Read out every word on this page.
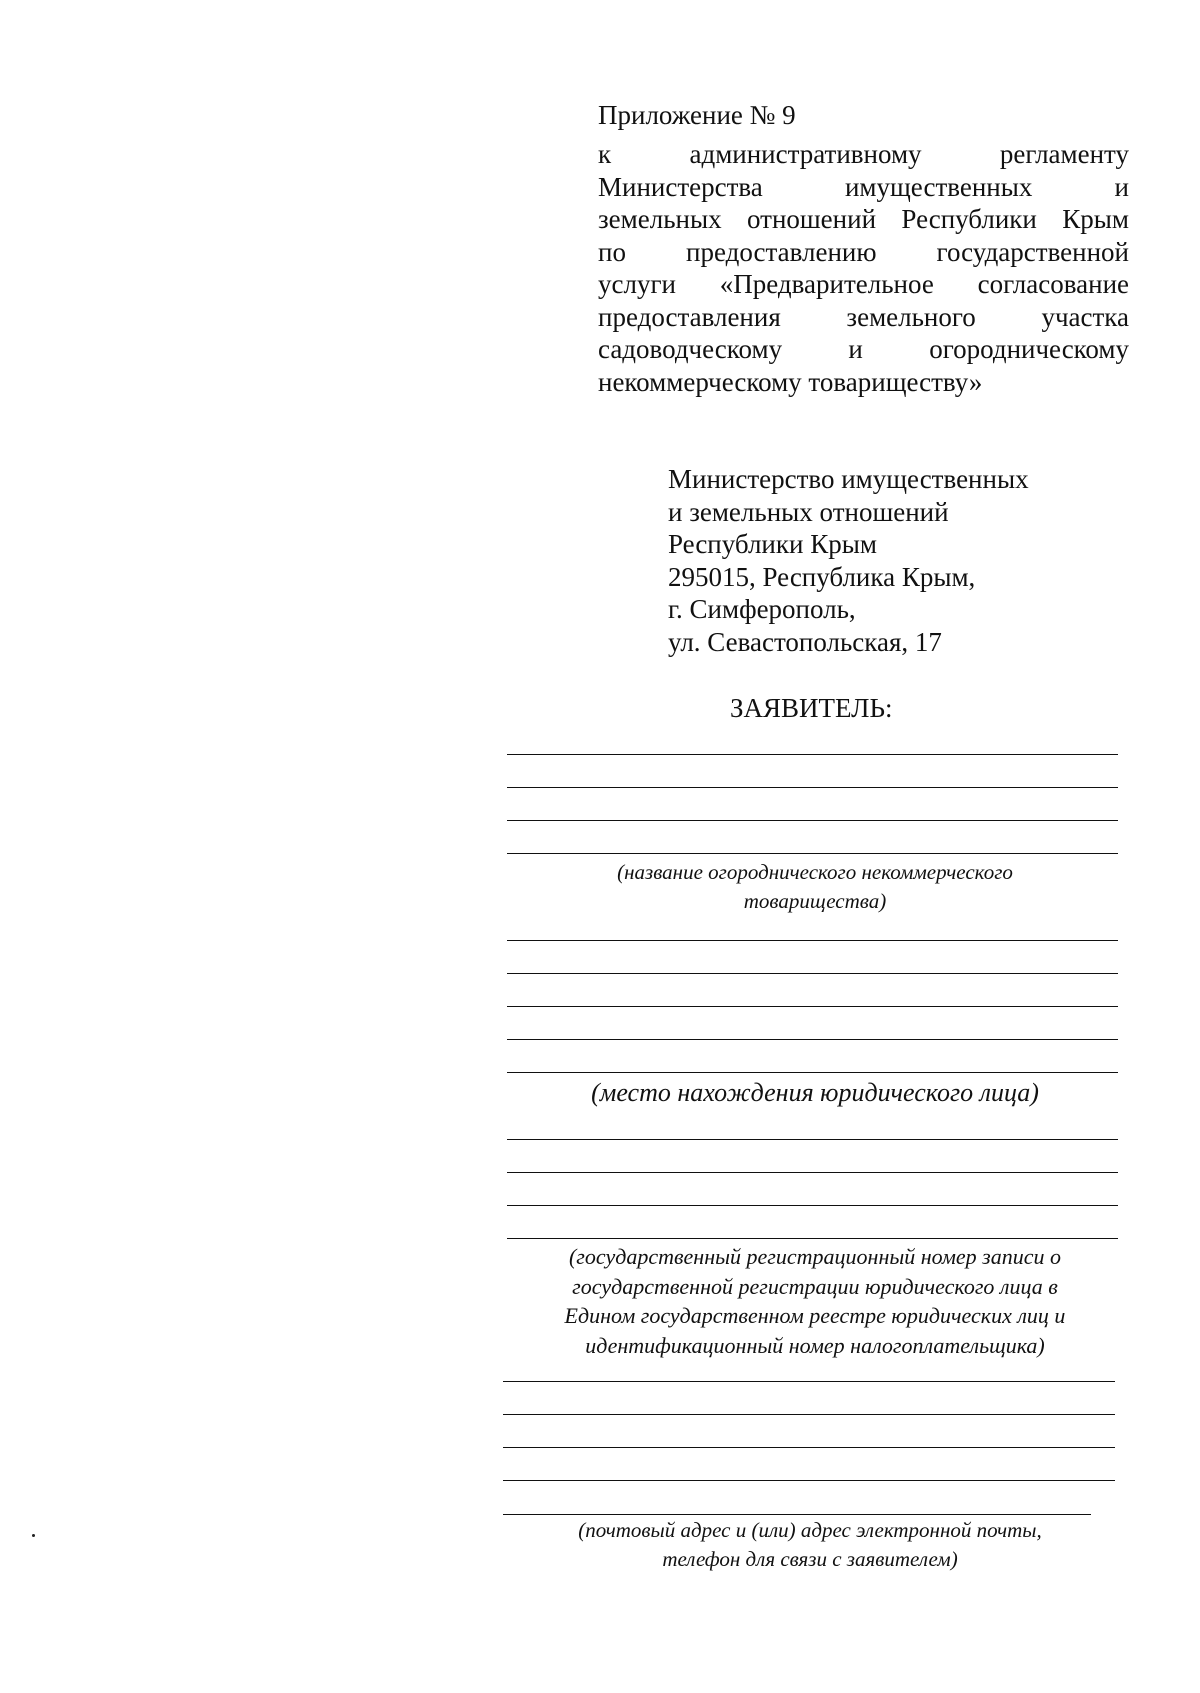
Приложение № 9
к административному регламенту
Министерства имущественных и
земельных отношений Республики Крым
по предоставлению государственной
услуги «Предварительное согласование
предоставления земельного участка
садоводческому и огородническому
некоммерческому товариществу»
Министерство имущественных
и земельных отношений
Республики Крым
295015, Республика Крым,
г. Симферополь,
ул. Севастопольская, 17
ЗАЯВИТЕЛЬ:
(название огороднического некоммерческого
товарищества)
(место нахождения юридического лица)
(государственный регистрационный номер записи о
государственной регистрации юридического лица в
Едином государственном реестре юридических лиц и
идентификационный номер налогоплательщика)
(почтовый адрес и (или) адрес электронной почты,
телефон для связи с заявителем)
